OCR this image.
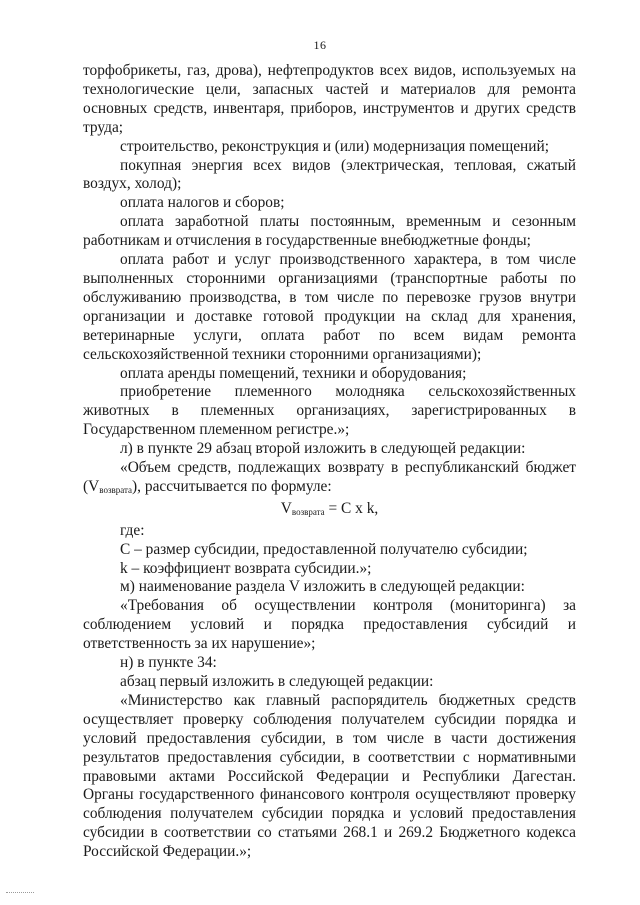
16

торфобрикеты, газ, дрова), нефтепродуктов всех видов, используемых на технологические цели, запасных частей и материалов для ремонта основных средств, инвентаря, приборов, инструментов и других средств труда;

строительство, реконструкция и (или) модернизация помещений;

покупная энергия всех видов (электрическая, тепловая, сжатый воздух, холод);

оплата налогов и сборов;

оплата заработной платы постоянным, временным и сезонным работникам и отчисления в государственные внебюджетные фонды;

оплата работ и услуг производственного характера, в том числе выполненных сторонними организациями (транспортные работы по обслуживанию производства, в том числе по перевозке грузов внутри организации и доставке готовой продукции на склад для хранения, ветеринарные услуги, оплата работ по всем видам ремонта сельскохозяйственной техники сторонними организациями);

оплата аренды помещений, техники и оборудования;

приобретение племенного молодняка сельскохозяйственных животных в племенных организациях, зарегистрированных в Государственном племенном регистре.»;

л) в пункте 29 абзац второй изложить в следующей редакции:

«Объем средств, подлежащих возврату в республиканский бюджет $(V_{возврата})$, рассчитывается по формуле:

$V_{возврата} = С$ х k,

где:

С – размер субсидии, предоставленной получателю субсидии;

k – коэффициент возврата субсидии.»;

м) наименование раздела V изложить в следующей редакции:

«Требования об осуществлении контроля (мониторинга) за соблюдением условий и порядка предоставления субсидий и ответственность за их нарушение»;

н) в пункте 34:

абзац первый изложить в следующей редакции:

«Министерство как главный распорядитель бюджетных средств осуществляет проверку соблюдения получателем субсидии порядка и условий предоставления субсидии, в том числе в части достижения результатов предоставления субсидии, в соответствии с нормативными правовыми актами Российской Федерации и Республики Дагестан. Органы государственного финансового контроля осуществляют проверку соблюдения получателем субсидии порядка и условий предоставления субсидии в соответствии со статьями 268.1 и 269.2 Бюджетного кодекса Российской Федерации.»;
